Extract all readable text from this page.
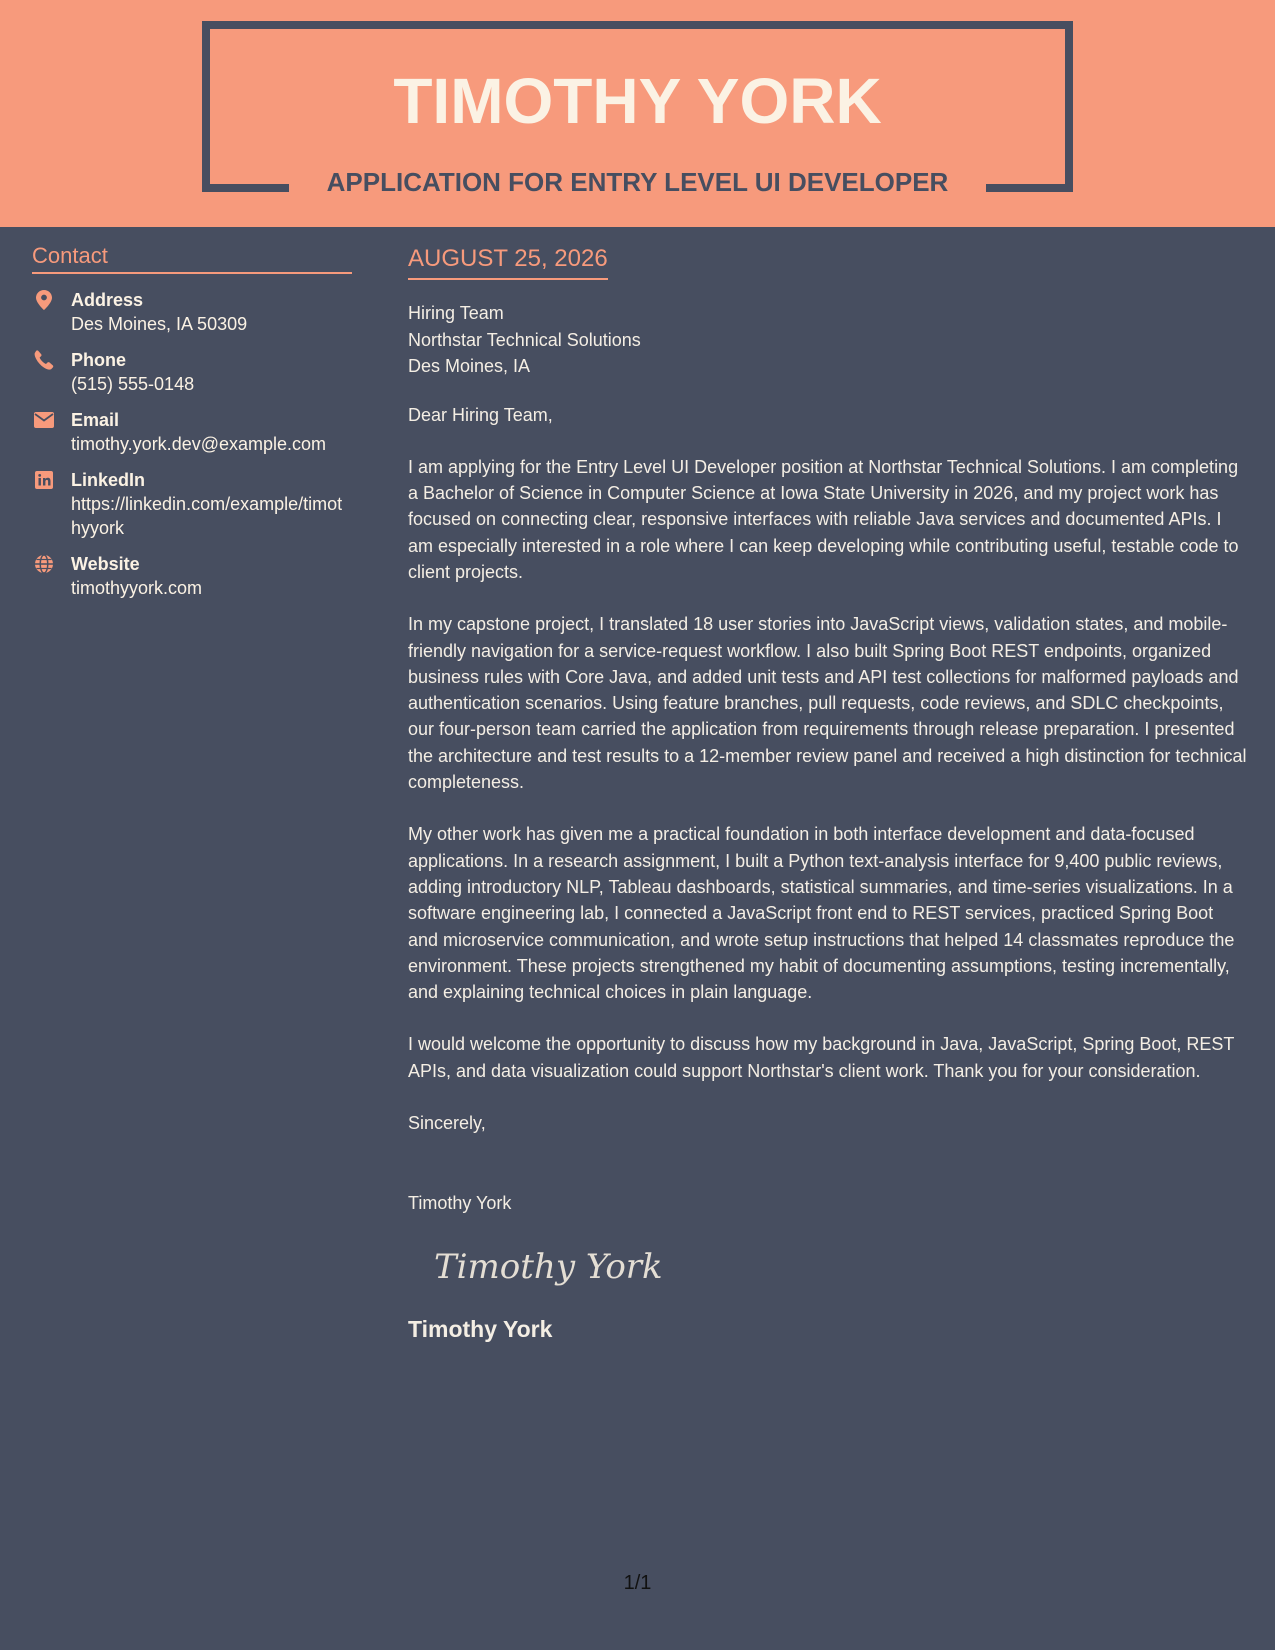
TIMOTHY YORK
APPLICATION FOR ENTRY LEVEL UI DEVELOPER
Contact
Address
Des Moines, IA 50309
Phone
(515) 555-0148
Email
timothy.york.dev@example.com
LinkedIn
https://linkedin.com/example/timothyyork
Website
timothyyork.com
AUGUST 25, 2026
Hiring Team
Northstar Technical Solutions
Des Moines, IA

Dear Hiring Team,

I am applying for the Entry Level UI Developer position at Northstar Technical Solutions. I am completing a Bachelor of Science in Computer Science at Iowa State University in 2026, and my project work has focused on connecting clear, responsive interfaces with reliable Java services and documented APIs. I am especially interested in a role where I can keep developing while contributing useful, testable code to client projects.

In my capstone project, I translated 18 user stories into JavaScript views, validation states, and mobile-friendly navigation for a service-request workflow. I also built Spring Boot REST endpoints, organized business rules with Core Java, and added unit tests and API test collections for malformed payloads and authentication scenarios. Using feature branches, pull requests, code reviews, and SDLC checkpoints, our four-person team carried the application from requirements through release preparation. I presented the architecture and test results to a 12-member review panel and received a high distinction for technical completeness.

My other work has given me a practical foundation in both interface development and data-focused applications. In a research assignment, I built a Python text-analysis interface for 9,400 public reviews, adding introductory NLP, Tableau dashboards, statistical summaries, and time-series visualizations. In a software engineering lab, I connected a JavaScript front end to REST services, practiced Spring Boot and microservice communication, and wrote setup instructions that helped 14 classmates reproduce the environment. These projects strengthened my habit of documenting assumptions, testing incrementally, and explaining technical choices in plain language.

I would welcome the opportunity to discuss how my background in Java, JavaScript, Spring Boot, REST APIs, and data visualization could support Northstar's client work. Thank you for your consideration.

Sincerely,

Timothy York
Timothy York
Timothy York
1/1
